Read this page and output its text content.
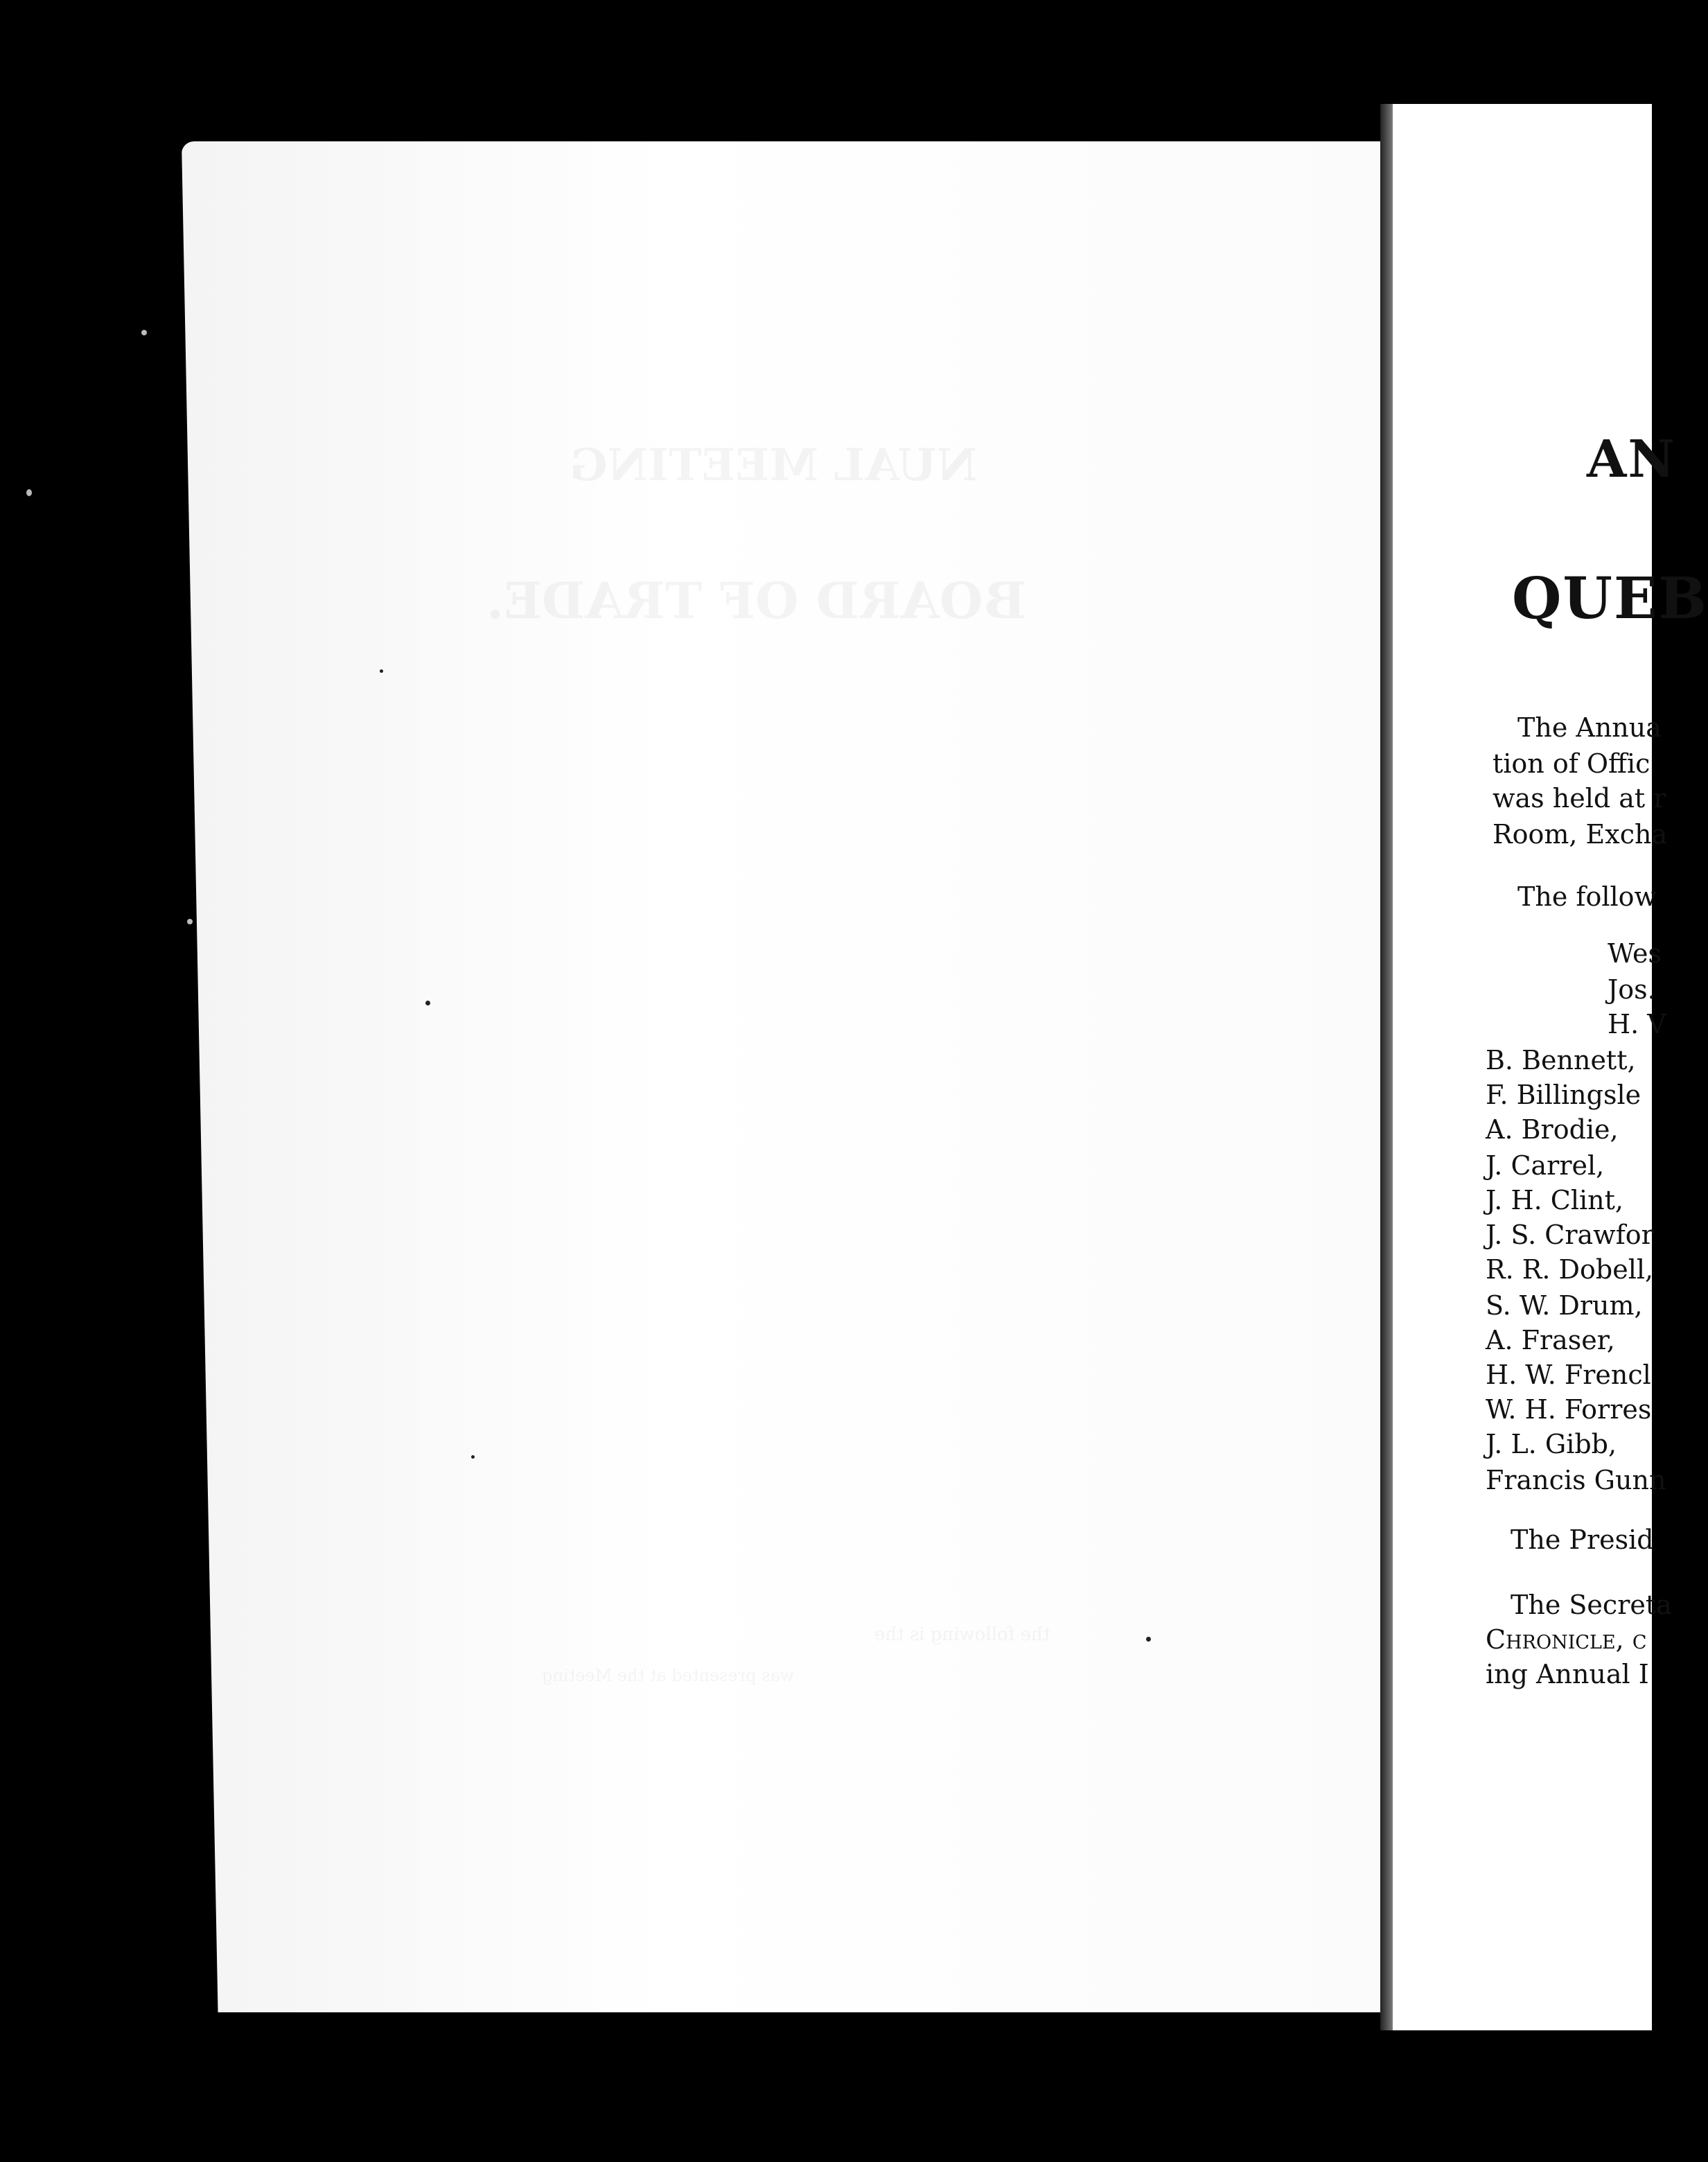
AN
QUEB
The Annua
tion of Offic
was held at r
Room, Excha
The follow
Wes
Jos.
H. V
B. Bennett,
F. Billingsle
A. Brodie,
J. Carrel,
J. H. Clint,
J. S. Crawfor
R. R. Dobell,
S. W. Drum,
A. Fraser,
H. W. Frencl
W. H. Forres
J. L. Gibb,
Francis Gunn
The Presid
The Secreta
Chronicle, c
ing Annual I
